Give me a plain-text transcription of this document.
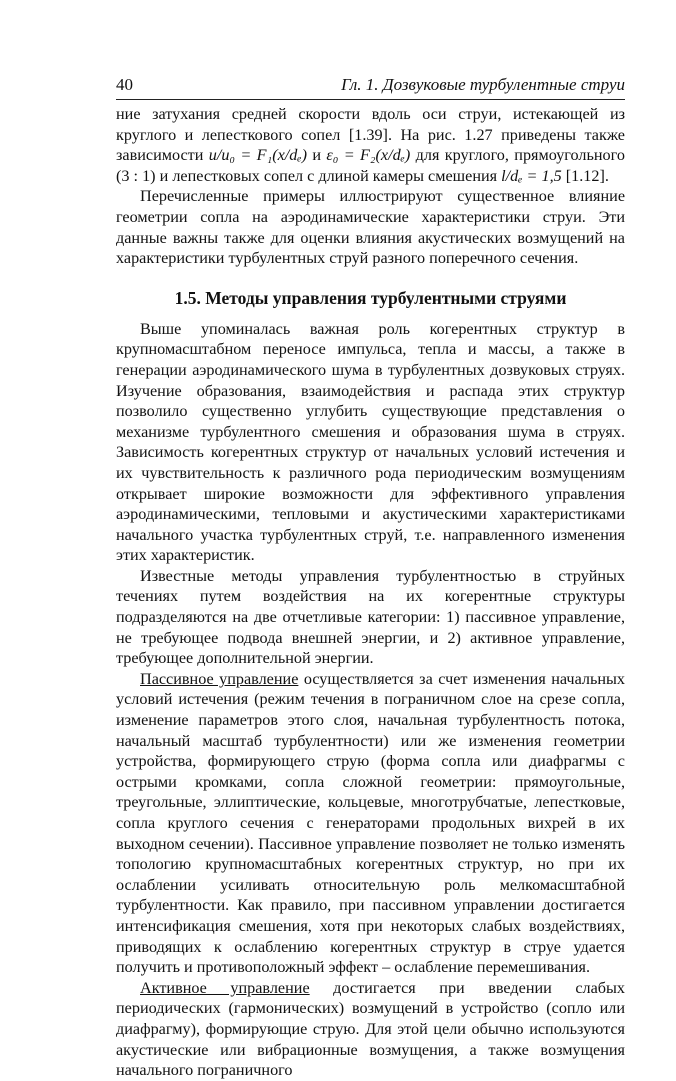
40	Гл. 1. Дозвуковые турбулентные струи

ние затухания средней скорости вдоль оси струи, истекающей из круглого и лепесткового сопел [1.39]. На рис. 1.27 приведены также зависимости u/u₀ = F₁(x/dₑ) и ε₀ = F₂(x/dₑ) для круглого, прямоугольного (3 : 1) и лепестковых сопел с длиной камеры смешения l/dₑ = 1,5 [1.12].

Перечисленные примеры иллюстрируют существенное влияние геометрии сопла на аэродинамические характеристики струи. Эти данные важны также для оценки влияния акустических возмущений на характеристики турбулентных струй разного поперечного сечения.

1.5. Методы управления турбулентными струями

Выше упоминалась важная роль когерентных структур в крупномасштабном переносе импульса, тепла и массы, а также в генерации аэродинамического шума в турбулентных дозвуковых струях. Изучение образования, взаимодействия и распада этих структур позволило существенно углубить существующие представления о механизме турбулентного смешения и образования шума в струях. Зависимость когерентных структур от начальных условий истечения и их чувствительность к различного рода периодическим возмущениям открывает широкие возможности для эффективного управления аэродинамическими, тепловыми и акустическими характеристиками начального участка турбулентных струй, т.е. направленного изменения этих характеристик.

Известные методы управления турбулентностью в струйных течениях путем воздействия на их когерентные структуры подразделяются на две отчетливые категории: 1) пассивное управление, не требующее подвода внешней энергии, и 2) активное управление, требующее дополнительной энергии.

Пассивное управление осуществляется за счет изменения начальных условий истечения (режим течения в пограничном слое на срезе сопла, изменение параметров этого слоя, начальная турбулентность потока, начальный масштаб турбулентности) или же изменения геометрии устройства, формирующего струю (форма сопла или диафрагмы с острыми кромками, сопла сложной геометрии: прямоугольные, треугольные, эллиптические, кольцевые, многотрубчатые, лепестковые, сопла круглого сечения с генераторами продольных вихрей в их выходном сечении). Пассивное управление позволяет не только изменять топологию крупномасштабных когерентных структур, но при их ослаблении усиливать относительную роль мелкомасштабной турбулентности. Как правило, при пассивном управлении достигается интенсификация смешения, хотя при некоторых слабых воздействиях, приводящих к ослаблению когерентных структур в струе удается получить и противоположный эффект – ослабление перемешивания.

Активное управление достигается при введении слабых периодических (гармонических) возмущений в устройство (сопло или диафрагму), формирующие струю. Для этой цели обычно используются акустические или вибрационные возмущения, а также возмущения начального пограничного
